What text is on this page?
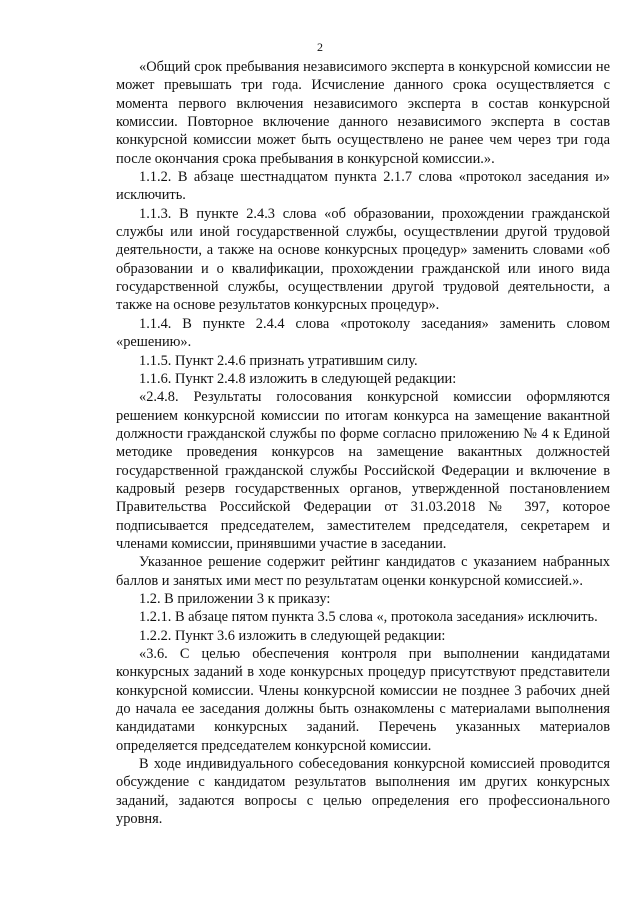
2

«Общий срок пребывания независимого эксперта в конкурсной комиссии не может превышать три года. Исчисление данного срока осуществляется с момента первого включения независимого эксперта в состав конкурсной комиссии. Повторное включение данного независимого эксперта в состав конкурсной комиссии может быть осуществлено не ранее чем через три года после окончания срока пребывания в конкурсной комиссии.».

1.1.2. В абзаце шестнадцатом пункта 2.1.7 слова «протокол заседания и» исключить.

1.1.3. В пункте 2.4.3 слова «об образовании, прохождении гражданской службы или иной государственной службы, осуществлении другой трудовой деятельности, а также на основе конкурсных процедур» заменить словами «об образовании и о квалификации, прохождении гражданской или иного вида государственной службы, осуществлении другой трудовой деятельности, а также на основе результатов конкурсных процедур».

1.1.4. В пункте 2.4.4 слова «протоколу заседания» заменить словом «решению».

1.1.5. Пункт 2.4.6 признать утратившим силу.

1.1.6. Пункт 2.4.8 изложить в следующей редакции:

«2.4.8. Результаты голосования конкурсной комиссии оформляются решением конкурсной комиссии по итогам конкурса на замещение вакантной должности гражданской службы по форме согласно приложению № 4 к Единой методике проведения конкурсов на замещение вакантных должностей государственной гражданской службы Российской Федерации и включение в кадровый резерв государственных органов, утвержденной постановлением Правительства Российской Федерации от 31.03.2018 № 397, которое подписывается председателем, заместителем председателя, секретарем и членами комиссии, принявшими участие в заседании.

Указанное решение содержит рейтинг кандидатов с указанием набранных баллов и занятых ими мест по результатам оценки конкурсной комиссией.».

1.2. В приложении 3 к приказу:

1.2.1. В абзаце пятом пункта 3.5 слова «, протокола заседания» исключить.

1.2.2. Пункт 3.6 изложить в следующей редакции:

«3.6. С целью обеспечения контроля при выполнении кандидатами конкурсных заданий в ходе конкурсных процедур присутствуют представители конкурсной комиссии. Члены конкурсной комиссии не позднее 3 рабочих дней до начала ее заседания должны быть ознакомлены с материалами выполнения кандидатами конкурсных заданий. Перечень указанных материалов определяется председателем конкурсной комиссии.

В ходе индивидуального собеседования конкурсной комиссией проводится обсуждение с кандидатом результатов выполнения им других конкурсных заданий, задаются вопросы с целью определения его профессионального уровня.
